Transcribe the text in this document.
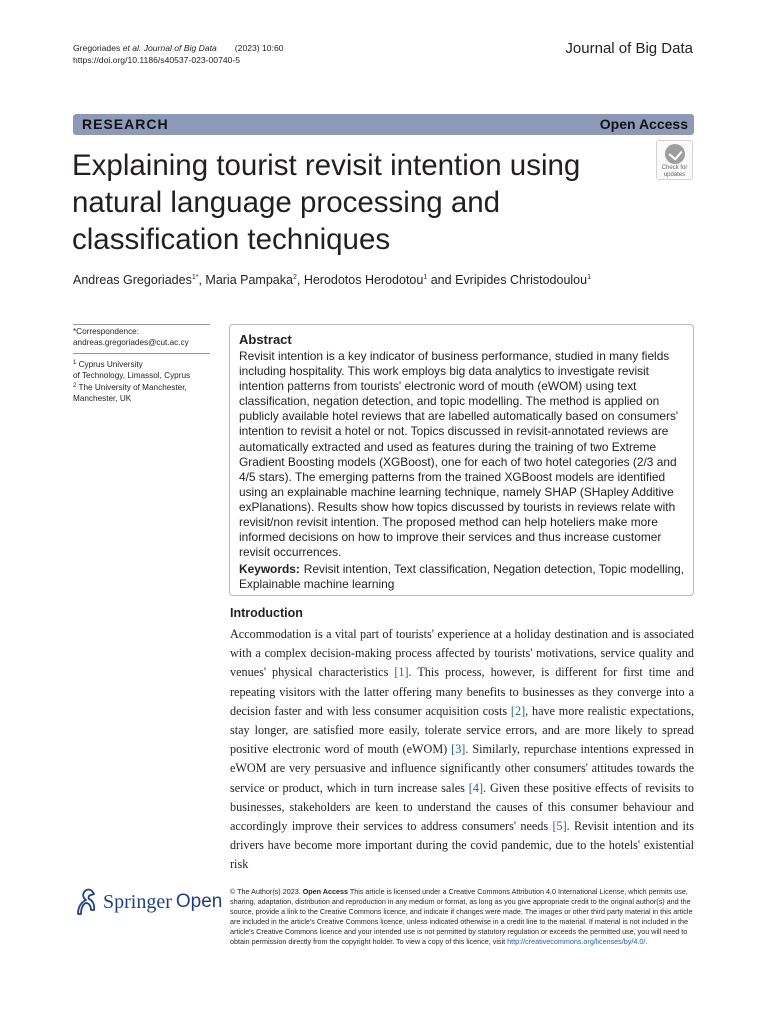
Gregoriades et al. Journal of Big Data (2023) 10:60
https://doi.org/10.1186/s40537-023-00740-5
Journal of Big Data
RESEARCH	Open Access
Explaining tourist revisit intention using natural language processing and classification techniques
Check for
updates
Andreas Gregoriades$^{1*}$, Maria Pampaka$^2$, Herodotos Herodotou$^1$ and Evripides Christodoulou$^1$
*Correspondence:
andreas.gregoriades@cut.ac.cy
$^1$ Cyprus University
of Technology, Limassol, Cyprus
$^2$ The University of Manchester,
Manchester, UK
Abstract
Revisit intention is a key indicator of business performance, studied in many fields including hospitality. This work employs big data analytics to investigate revisit intention patterns from tourists' electronic word of mouth (eWOM) using text classification, negation detection, and topic modelling. The method is applied on publicly available hotel reviews that are labelled automatically based on consumers' intention to revisit a hotel or not. Topics discussed in revisit-annotated reviews are automatically extracted and used as features during the training of two Extreme Gradient Boosting models (XGBoost), one for each of two hotel categories (2/3 and 4/5 stars). The emerging patterns from the trained XGBoost models are identified using an explainable machine learning technique, namely SHAP (SHapley Additive exPlanations). Results show how topics discussed by tourists in reviews relate with revisit/non revisit intention. The proposed method can help hoteliers make more informed decisions on how to improve their services and thus increase customer revisit occurrences.
Keywords: Revisit intention, Text classification, Negation detection, Topic modelling, Explainable machine learning
Introduction
Accommodation is a vital part of tourists' experience at a holiday destination and is associated with a complex decision-making process affected by tourists' motivations, service quality and venues' physical characteristics [1]. This process, however, is different for first time and repeating visitors with the latter offering many benefits to businesses as they converge into a decision faster and with less consumer acquisition costs [2], have more realistic expectations, stay longer, are satisfied more easily, tolerate service errors, and are more likely to spread positive electronic word of mouth (eWOM) [3]. Similarly, repurchase intentions expressed in eWOM are very persuasive and influence significantly other consumers' attitudes towards the service or product, which in turn increase sales [4]. Given these positive effects of revisits to businesses, stakeholders are keen to understand the causes of this consumer behaviour and accordingly improve their services to address consumers' needs [5]. Revisit intention and its drivers have become more important during the covid pandemic, due to the hotels' existential risk
Springer Open © The Author(s) 2023. Open Access This article is licensed under a Creative Commons Attribution 4.0 International License, which permits use, sharing, adaptation, distribution and reproduction in any medium or format, as long as you give appropriate credit to the original author(s) and the source, provide a link to the Creative Commons licence, and indicate if changes were made. The images or other third party material in this article are included in the article's Creative Commons licence, unless indicated otherwise in a credit line to the material. If material is not included in the article's Creative Commons licence and your intended use is not permitted by statutory regulation or exceeds the permitted use, you will need to obtain permission directly from the copyright holder. To view a copy of this licence, visit http://creativecommons.org/licenses/by/4.0/.
